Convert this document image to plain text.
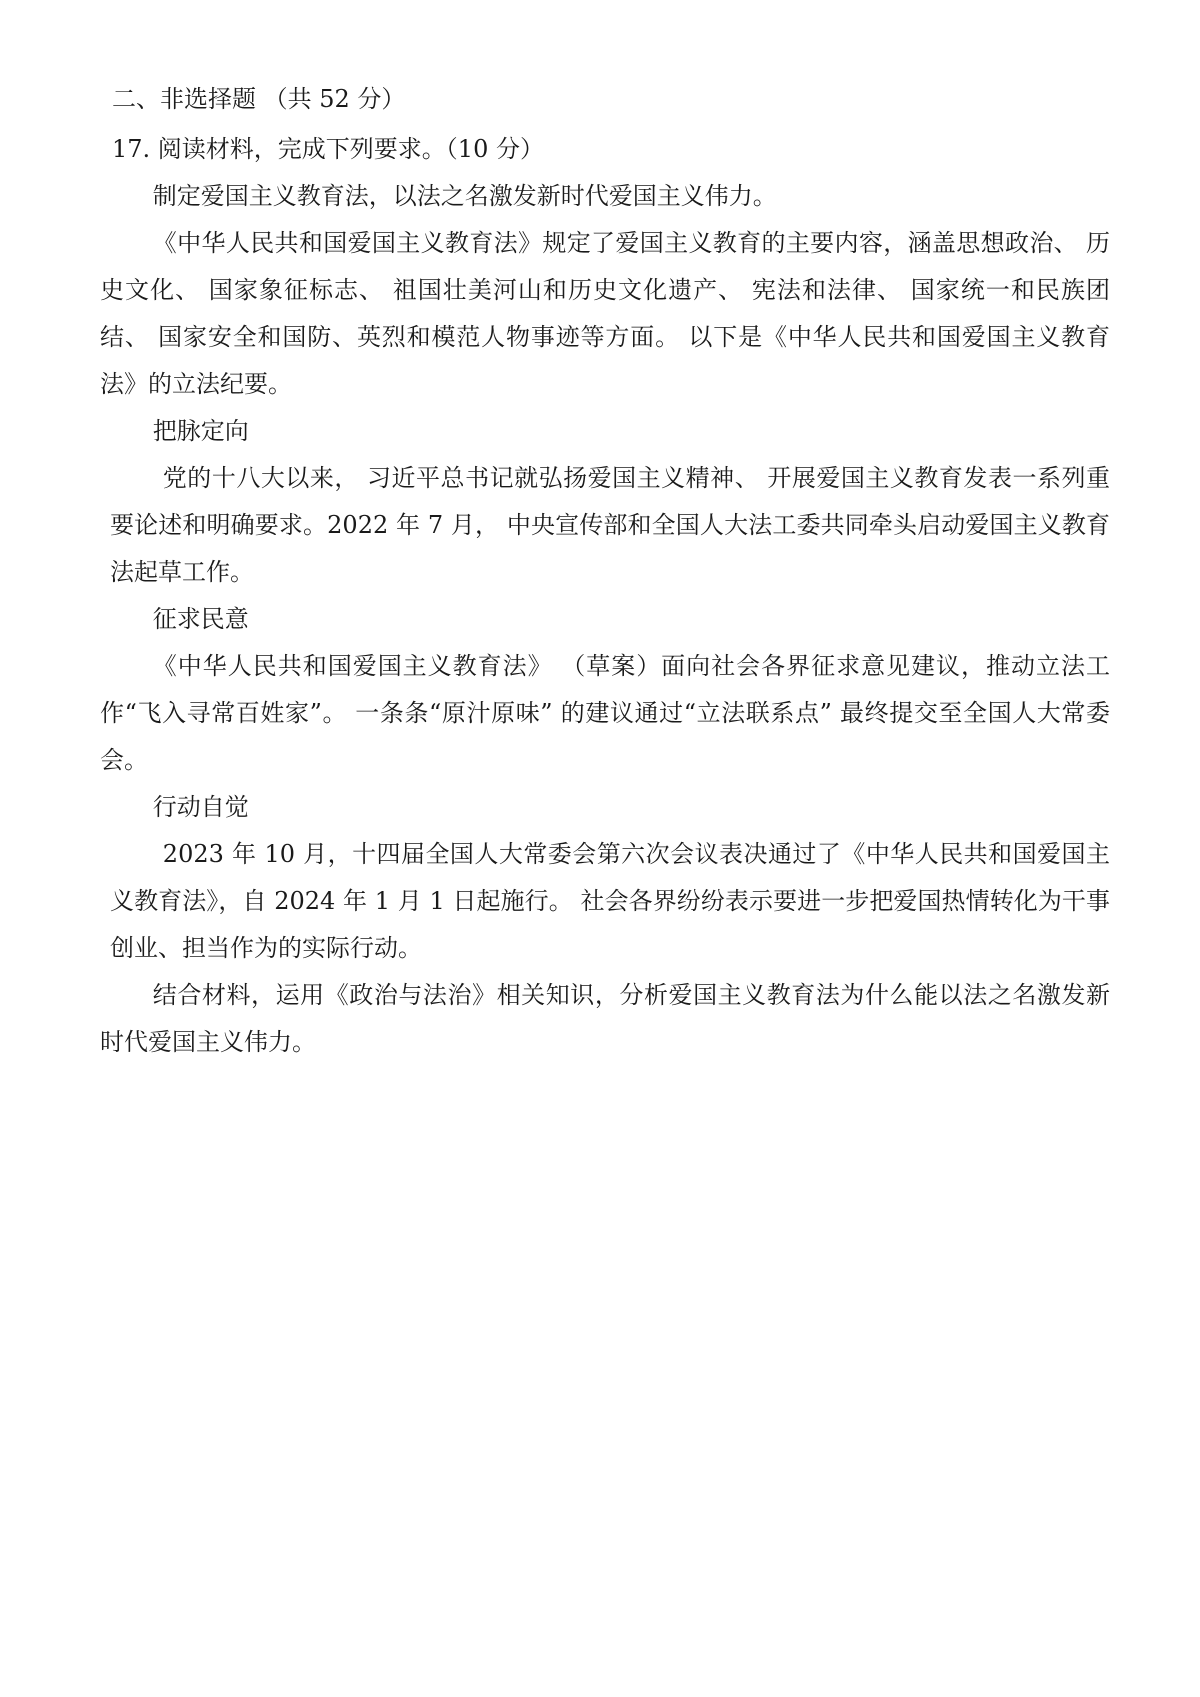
二、非选择题 （共 52 分）

17. 阅读材料，完成下列要求。（10 分）

制定爱国主义教育法，以法之名激发新时代爱国主义伟力。

《中华人民共和国爱国主义教育法》规定了爱国主义教育的主要内容，涵盖思想政治、 历史文化、 国家象征标志、 祖国壮美河山和历史文化遗产、 宪法和法律、 国家统一和民族团结、 国家安全和国防、英烈和模范人物事迹等方面。 以下是《中华人民共和国爱国主义教育法》的立法纪要。

把脉定向

党的十八大以来， 习近平总书记就弘扬爱国主义精神、 开展爱国主义教育发表一系列重要论述和明确要求。2022 年 7 月， 中央宣传部和全国人大法工委共同牵头启动爱国主义教育法起草工作。

征求民意

《中华人民共和国爱国主义教育法》 （草案）面向社会各界征求意见建议，推动立法工作“飞入寻常百姓家”。 一条条“原汁原味” 的建议通过“立法联系点” 最终提交至全国人大常委会。

行动自觉

2023 年 10 月，十四届全国人大常委会第六次会议表决通过了《中华人民共和国爱国主义教育法》，自 2024 年 1 月 1 日起施行。 社会各界纷纷表示要进一步把爱国热情转化为干事创业、担当作为的实际行动。

结合材料，运用《政治与法治》相关知识，分析爱国主义教育法为什么能以法之名激发新时代爱国主义伟力。
